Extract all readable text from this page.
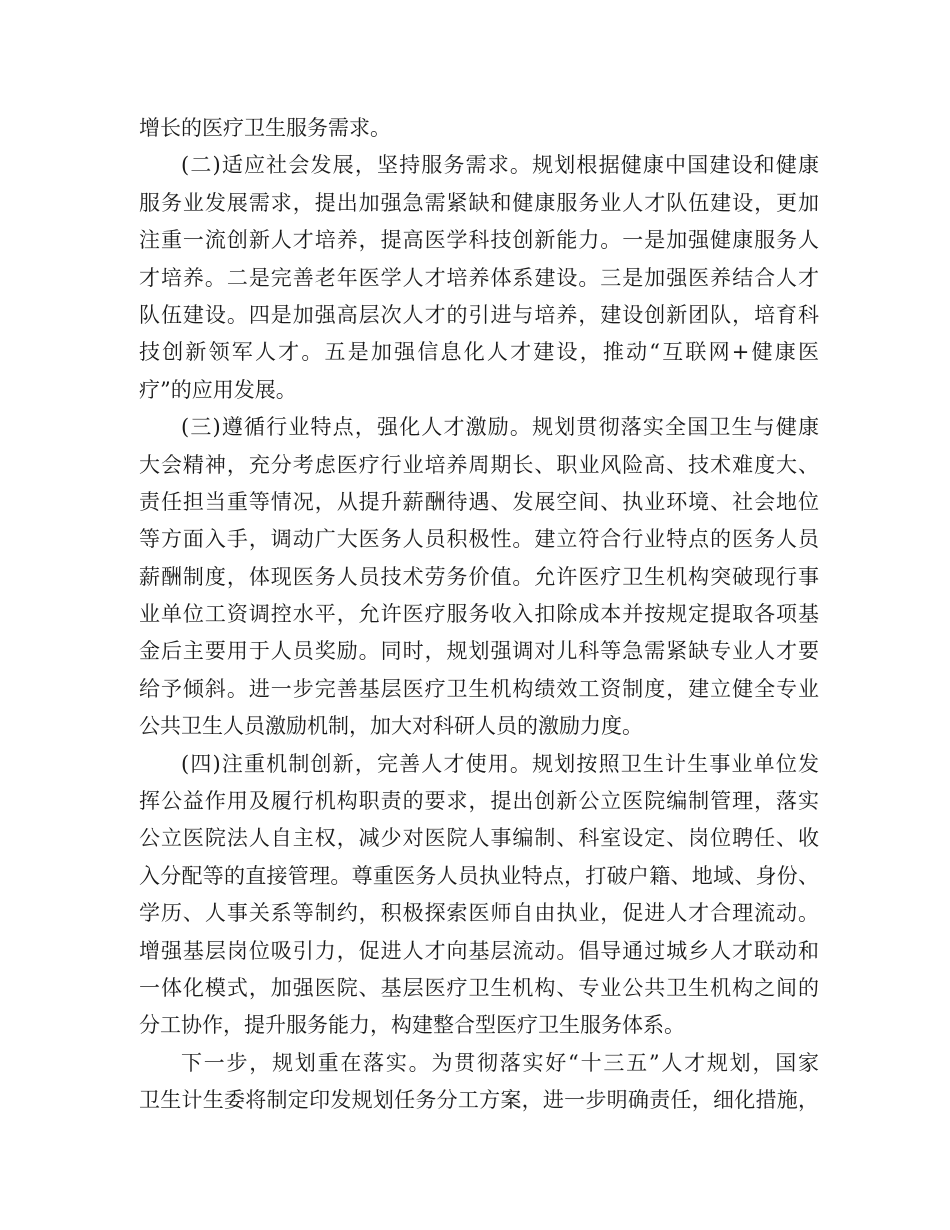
增长的医疗卫生服务需求。
(二)适应社会发展，坚持服务需求。规划根据健康中国建设和健康
服务业发展需求，提出加强急需紧缺和健康服务业人才队伍建设，更加
注重一流创新人才培养，提高医学科技创新能力。一是加强健康服务人
才培养。二是完善老年医学人才培养体系建设。三是加强医养结合人才
队伍建设。四是加强高层次人才的引进与培养，建设创新团队，培育科
技创新领军人才。五是加强信息化人才建设，推动“互联网+健康医
疗”的应用发展。
(三)遵循行业特点，强化人才激励。规划贯彻落实全国卫生与健康
大会精神，充分考虑医疗行业培养周期长、职业风险高、技术难度大、
责任担当重等情况，从提升薪酬待遇、发展空间、执业环境、社会地位
等方面入手，调动广大医务人员积极性。建立符合行业特点的医务人员
薪酬制度，体现医务人员技术劳务价值。允许医疗卫生机构突破现行事
业单位工资调控水平，允许医疗服务收入扣除成本并按规定提取各项基
金后主要用于人员奖励。同时，规划强调对儿科等急需紧缺专业人才要
给予倾斜。进一步完善基层医疗卫生机构绩效工资制度，建立健全专业
公共卫生人员激励机制，加大对科研人员的激励力度。
(四)注重机制创新，完善人才使用。规划按照卫生计生事业单位发
挥公益作用及履行机构职责的要求，提出创新公立医院编制管理，落实
公立医院法人自主权，减少对医院人事编制、科室设定、岗位聘任、收
入分配等的直接管理。尊重医务人员执业特点，打破户籍、地域、身份、
学历、人事关系等制约，积极探索医师自由执业，促进人才合理流动。
增强基层岗位吸引力，促进人才向基层流动。倡导通过城乡人才联动和
一体化模式，加强医院、基层医疗卫生机构、专业公共卫生机构之间的
分工协作，提升服务能力，构建整合型医疗卫生服务体系。
下一步，规划重在落实。为贯彻落实好“十三五”人才规划，国家
卫生计生委将制定印发规划任务分工方案，进一步明确责任，细化措施，
